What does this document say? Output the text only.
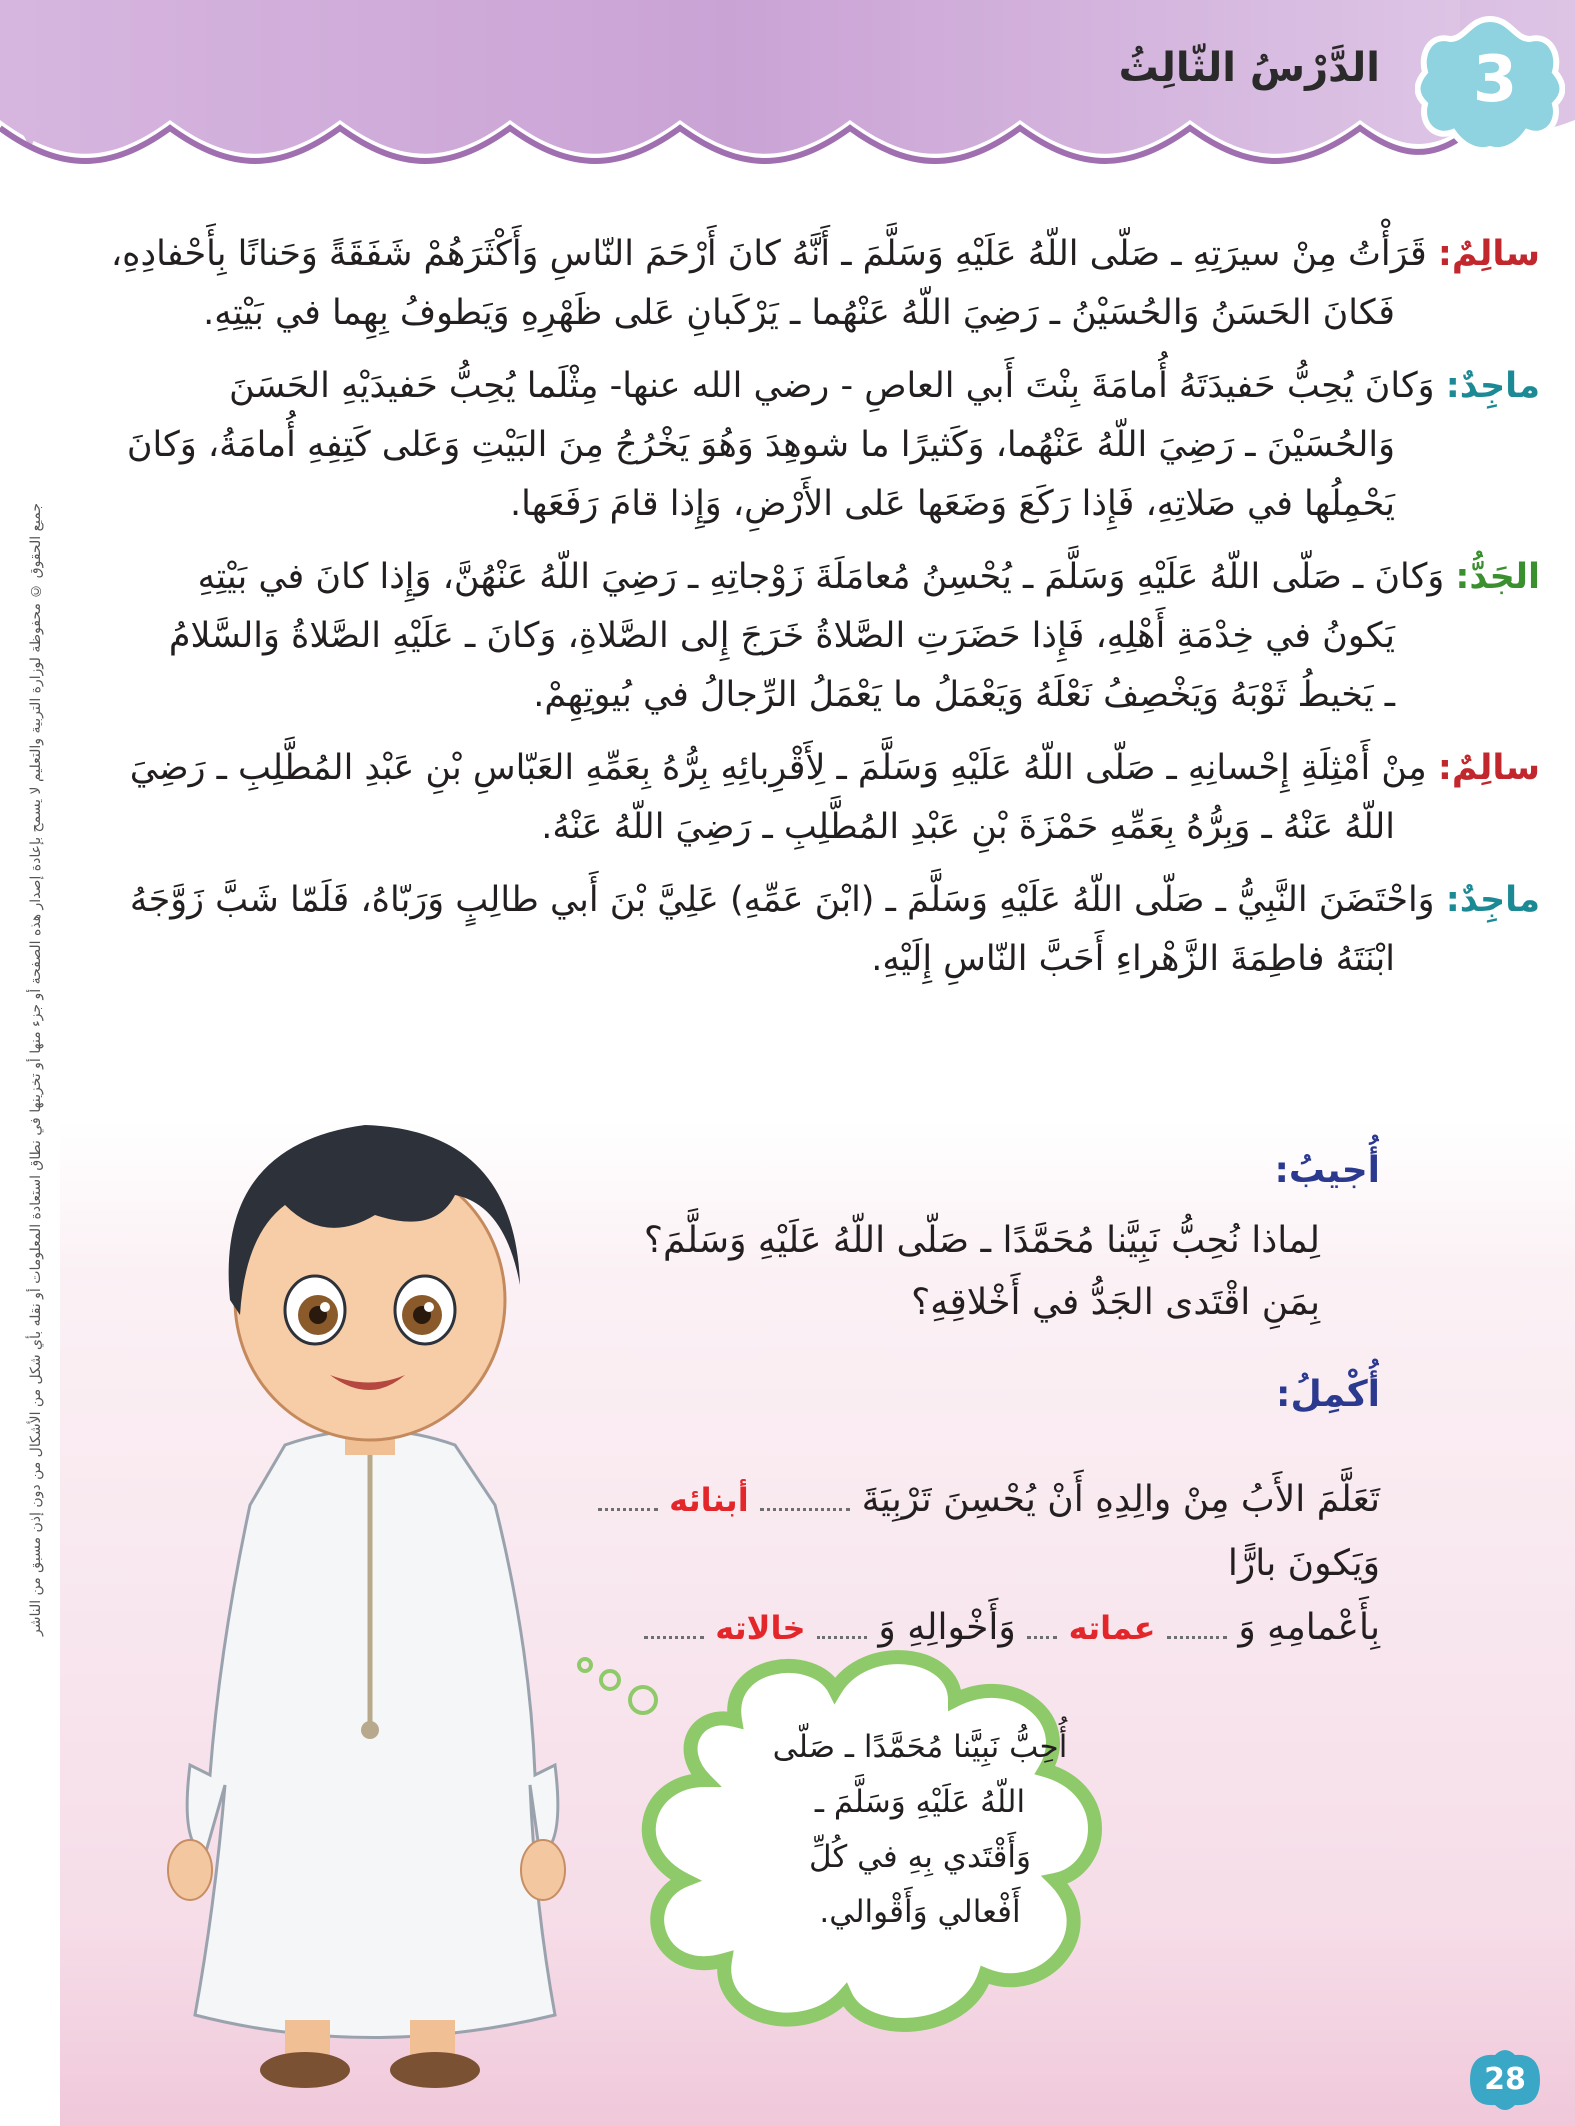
3
الدَّرْسُ الثّالِثُ
سالِمٌ: قَرَأْتُ مِنْ سيرَتِهِ ـ صَلّى اللّهُ عَلَيْهِ وَسَلَّمَ ـ أَنَّهُ كانَ أَرْحَمَ النّاسِ وَأَكْثَرَهُمْ شَفَقَةً وَحَنانًا بِأَحْفادِهِ،

فَكانَ الحَسَنُ وَالحُسَيْنُ ـ رَضِيَ اللّهُ عَنْهُما ـ يَرْكَبانِ عَلى ظَهْرِهِ وَيَطوفُ بِهِما في بَيْتِهِ.
ماجِدٌ: وَكانَ يُحِبُّ حَفيدَتَهُ أُمامَةَ بِنْتَ أَبي العاصِ - رضي الله عنها- مِثْلَما يُحِبُّ حَفيدَيْهِ الحَسَنَ

وَالحُسَيْنَ ـ رَضِيَ اللّهُ عَنْهُما، وَكَثيرًا ما شوهِدَ وَهُوَ يَخْرُجُ مِنَ البَيْتِ وَعَلى كَتِفِهِ أُمامَةُ، وَكانَ
يَحْمِلُها في صَلاتِهِ، فَإِذا رَكَعَ وَضَعَها عَلى الأَرْضِ، وَإِذا قامَ رَفَعَها.
الجَدُّ: وَكانَ ـ صَلّى اللّهُ عَلَيْهِ وَسَلَّمَ ـ يُحْسِنُ مُعامَلَةَ زَوْجاتِهِ ـ رَضِيَ اللّهُ عَنْهُنَّ، وَإِذا كانَ في بَيْتِهِ

يَكونُ في خِدْمَةِ أَهْلِهِ، فَإِذا حَضَرَتِ الصَّلاةُ خَرَجَ إِلى الصَّلاةِ، وَكانَ ـ عَلَيْهِ الصَّلاةُ وَالسَّلامُ
ـ يَخيطُ ثَوْبَهُ وَيَخْصِفُ نَعْلَهُ وَيَعْمَلُ ما يَعْمَلُ الرِّجالُ في بُيوتِهِمْ.
سالِمٌ: مِنْ أَمْثِلَةِ إِحْسانِهِ ـ صَلّى اللّهُ عَلَيْهِ وَسَلَّمَ ـ لِأَقْرِبائِهِ بِرُّهُ بِعَمِّهِ العَبّاسِ بْنِ عَبْدِ المُطَّلِبِ ـ رَضِيَ

اللّهُ عَنْهُ ـ وَبِرُّهُ بِعَمِّهِ حَمْزَةَ بْنِ عَبْدِ المُطَّلِبِ ـ رَضِيَ اللّهُ عَنْهُ.
ماجِدٌ: وَاحْتَضَنَ النَّبِيُّ ـ صَلّى اللّهُ عَلَيْهِ وَسَلَّمَ ـ (ابْنَ عَمِّهِ) عَلِيَّ بْنَ أَبي طالِبٍ وَرَبّاهُ، فَلَمّا شَبَّ زَوَّجَهُ

ابْنَتَهُ فاطِمَةَ الزَّهْراءِ أَحَبَّ النّاسِ إِلَيْهِ.
جميع الحقوق © محفوظة لوزارة التربية والتعليم لا يسمح بإعادة إصدار هذه الصفحة أو جزء منها أو تخزينها في نطاق استعادة المعلومات أو نقله بأي شكل من الأشكال من دون إذن مسبق من الناشر	أُجيبُ:
لِماذا نُحِبُّ نَبِيَّنا مُحَمَّدًا ـ صَلّى اللّهُ عَلَيْهِ وَسَلَّمَ؟
بِمَنِ اقْتَدى الجَدُّ في أَخْلاقِهِ؟
أُكْمِلُ:
تَعَلَّمَ الأَبُ مِنْ والِدِهِ أَنْ يُحْسِنَ تَرْبِيَةَ  أبنائه  وَيَكونَ بارًّا
بِأَعْمامِهِ وَ  عماته  وَأَخْوالِهِ وَ  خالاته
أُحِبُّ نَبِيَّنا مُحَمَّدًا ـ صَلّى اللّهُ عَلَيْهِ وَسَلَّمَ ـ وَأَقْتَدي بِهِ في كُلِّ أَفْعالي وَأَقْوالي.
28
